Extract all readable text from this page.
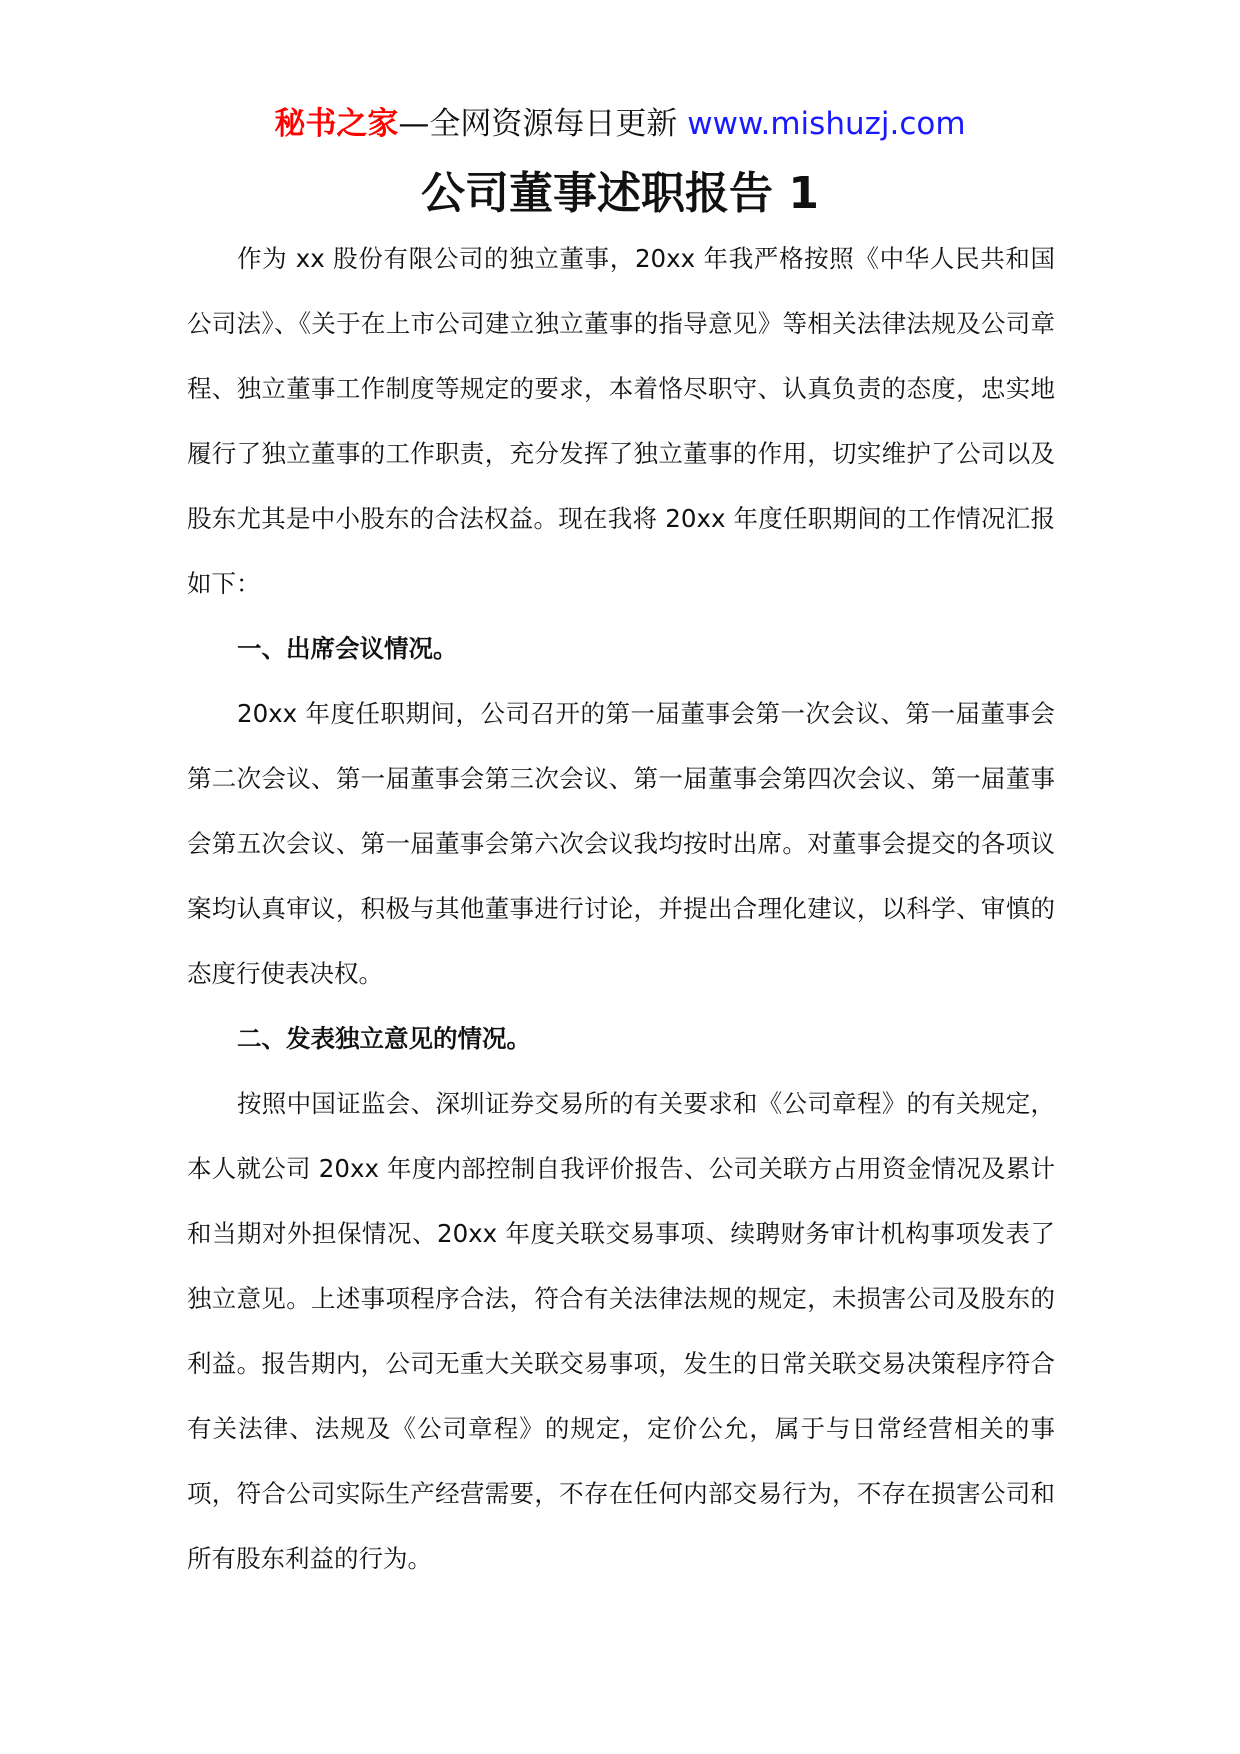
秘书之家—全网资源每日更新 www.mishuzj.com
公司董事述职报告 1

作为 xx 股份有限公司的独立董事，20xx 年我严格按照《中华人民共和国公司法》、《关于在上市公司建立独立董事的指导意见》等相关法律法规及公司章程、独立董事工作制度等规定的要求，本着恪尽职守、认真负责的态度，忠实地履行了独立董事的工作职责，充分发挥了独立董事的作用，切实维护了公司以及股东尤其是中小股东的合法权益。现在我将 20xx 年度任职期间的工作情况汇报如下：

一、出席会议情况。

20xx 年度任职期间，公司召开的第一届董事会第一次会议、第一届董事会第二次会议、第一届董事会第三次会议、第一届董事会第四次会议、第一届董事会第五次会议、第一届董事会第六次会议我均按时出席。对董事会提交的各项议案均认真审议，积极与其他董事进行讨论，并提出合理化建议，以科学、审慎的态度行使表决权。

二、发表独立意见的情况。

按照中国证监会、深圳证券交易所的有关要求和《公司章程》的有关规定，本人就公司 20xx 年度内部控制自我评价报告、公司关联方占用资金情况及累计和当期对外担保情况、20xx 年度关联交易事项、续聘财务审计机构事项发表了独立意见。上述事项程序合法，符合有关法律法规的规定，未损害公司及股东的利益。报告期内，公司无重大关联交易事项，发生的日常关联交易决策程序符合有关法律、法规及《公司章程》的规定，定价公允，属于与日常经营相关的事项，符合公司实际生产经营需要，不存在任何内部交易行为，不存在损害公司和所有股东利益的行为。
